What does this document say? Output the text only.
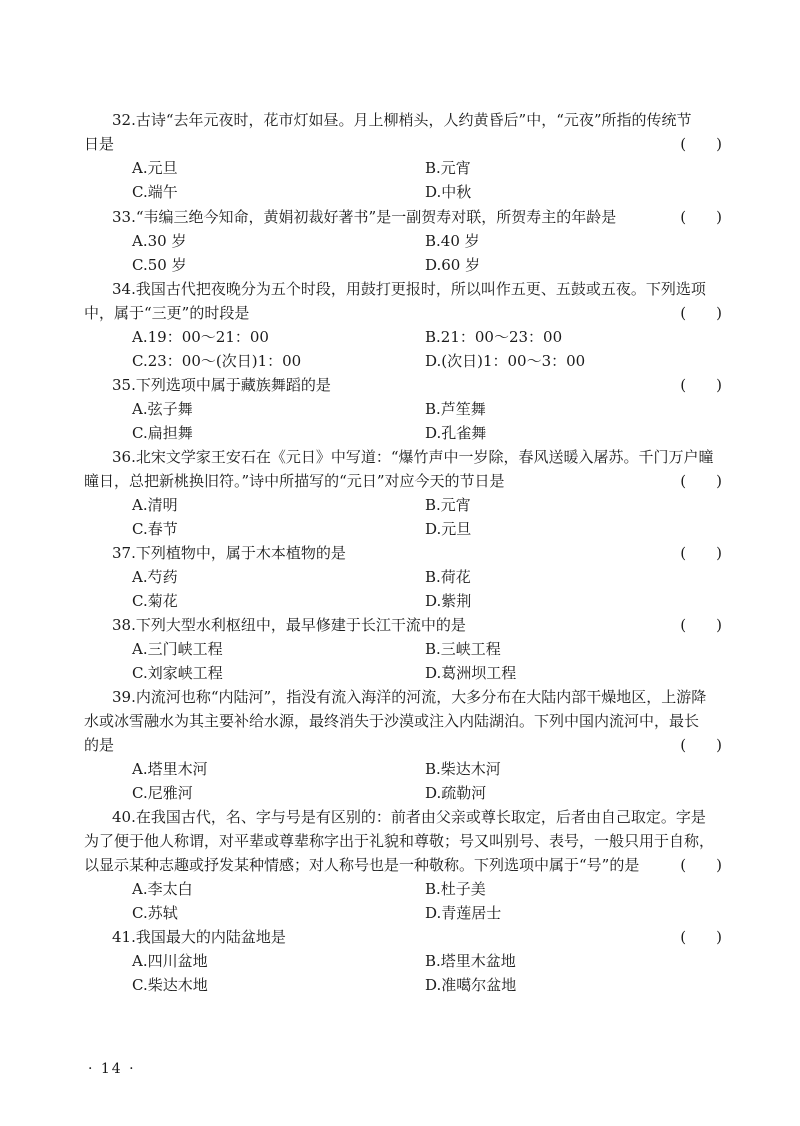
32.古诗“去年元夜时，花市灯如昼。月上柳梢头，人约黄昏后”中，“元夜”所指的传统节
日是	(　　)
A.元旦	B.元宵
C.端午	D.中秋
33.“韦编三绝今知命，黄娟初裁好著书”是一副贺寿对联，所贺寿主的年龄是	(　　)
A.30 岁	B.40 岁
C.50 岁	D.60 岁
34.我国古代把夜晚分为五个时段，用鼓打更报时，所以叫作五更、五鼓或五夜。下列选项
中，属于“三更”的时段是	(　　)
A.19：00～21：00	B.21：00～23：00
C.23：00～(次日)1：00	D.(次日)1：00～3：00
35.下列选项中属于藏族舞蹈的是	(　　)
A.弦子舞	B.芦笙舞
C.扁担舞	D.孔雀舞
36.北宋文学家王安石在《元日》中写道：“爆竹声中一岁除，春风送暖入屠苏。千门万户曈
曈日，总把新桃换旧符。”诗中所描写的“元日”对应今天的节日是	(　　)
A.清明	B.元宵
C.春节	D.元旦
37.下列植物中，属于木本植物的是	(　　)
A.芍药	B.荷花
C.菊花	D.紫荆
38.下列大型水利枢纽中，最早修建于长江干流中的是	(　　)
A.三门峡工程	B.三峡工程
C.刘家峡工程	D.葛洲坝工程
39.内流河也称“内陆河”，指没有流入海洋的河流，大多分布在大陆内部干燥地区，上游降
水或冰雪融水为其主要补给水源，最终消失于沙漠或注入内陆湖泊。下列中国内流河中，最长
的是	(　　)
A.塔里木河	B.柴达木河
C.尼雅河	D.疏勒河
40.在我国古代，名、字与号是有区别的：前者由父亲或尊长取定，后者由自己取定。字是
为了便于他人称谓，对平辈或尊辈称字出于礼貌和尊敬；号又叫别号、表号，一般只用于自称，
以显示某种志趣或抒发某种情感；对人称号也是一种敬称。下列选项中属于“号”的是	(　　)
A.李太白	B.杜子美
C.苏轼	D.青莲居士
41.我国最大的内陆盆地是	(　　)
A.四川盆地	B.塔里木盆地
C.柴达木地	D.准噶尔盆地
· 14 ·
